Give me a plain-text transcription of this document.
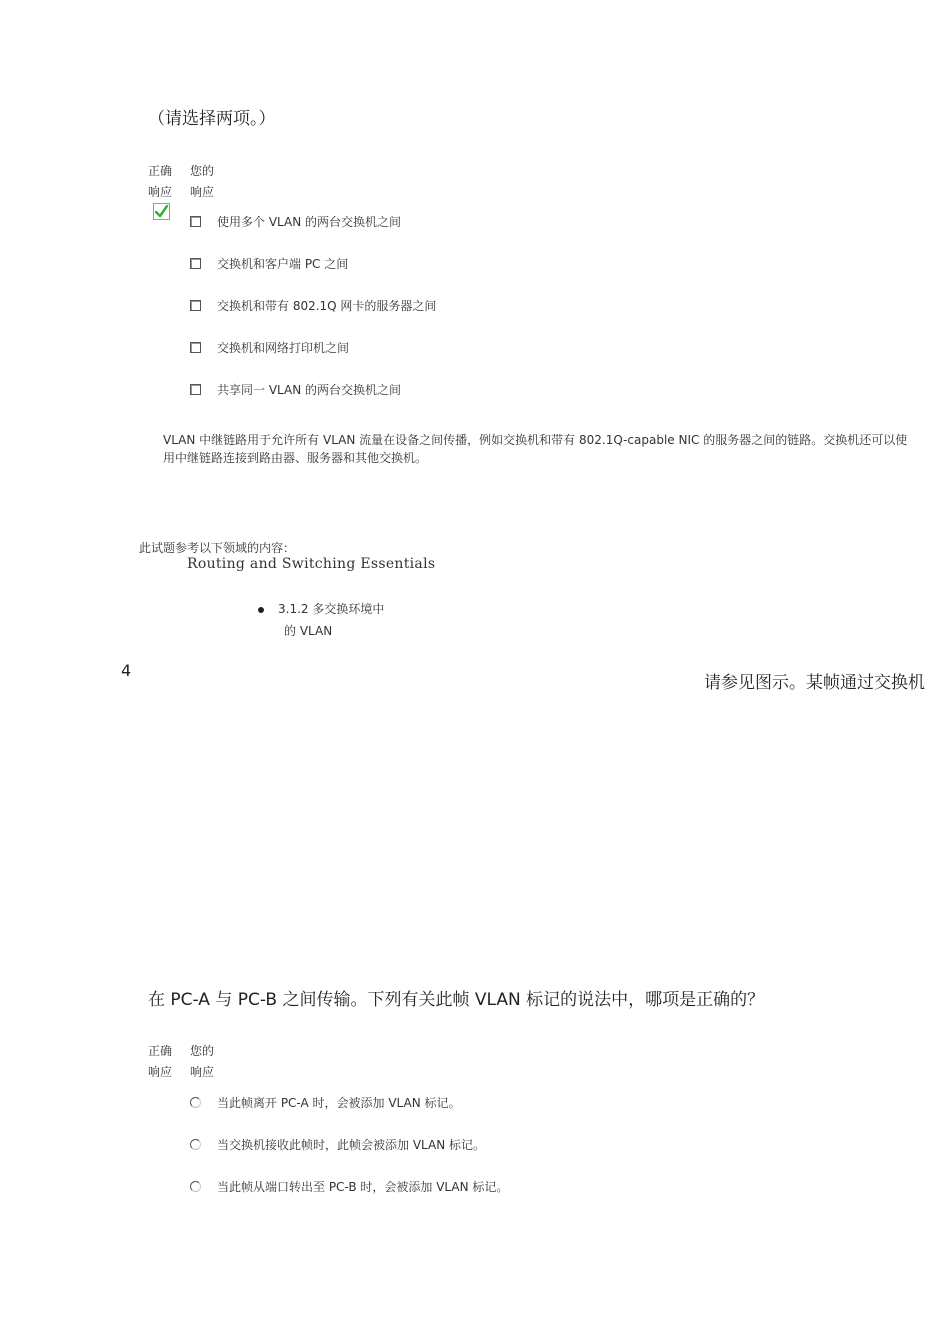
（请选择两项。）
正确
响应
您的
响应
使用多个 VLAN 的两台交换机之间
交换机和客户端 PC 之间
交换机和带有 802.1Q 网卡的服务器之间
交换机和网络打印机之间
共享同一 VLAN 的两台交换机之间
VLAN 中继链路用于允许所有 VLAN 流量在设备之间传播，例如交换机和带有 802.1Q-capable NIC 的服务器之间的链路。交换机还可以使用中继链路连接到路由器、服务器和其他交换机。
此试题参考以下领域的内容：
Routing and Switching Essentials
3.1.2 多交换环境中
的 VLAN
4
请参见图示。某帧通过交换机
在 PC-A 与 PC-B 之间传输。下列有关此帧 VLAN 标记的说法中，哪项是正确的？
正确
响应
您的
响应
当此帧离开 PC-A 时，会被添加 VLAN 标记。
当交换机接收此帧时，此帧会被添加 VLAN 标记。
当此帧从端口转出至 PC-B 时，会被添加 VLAN 标记。
